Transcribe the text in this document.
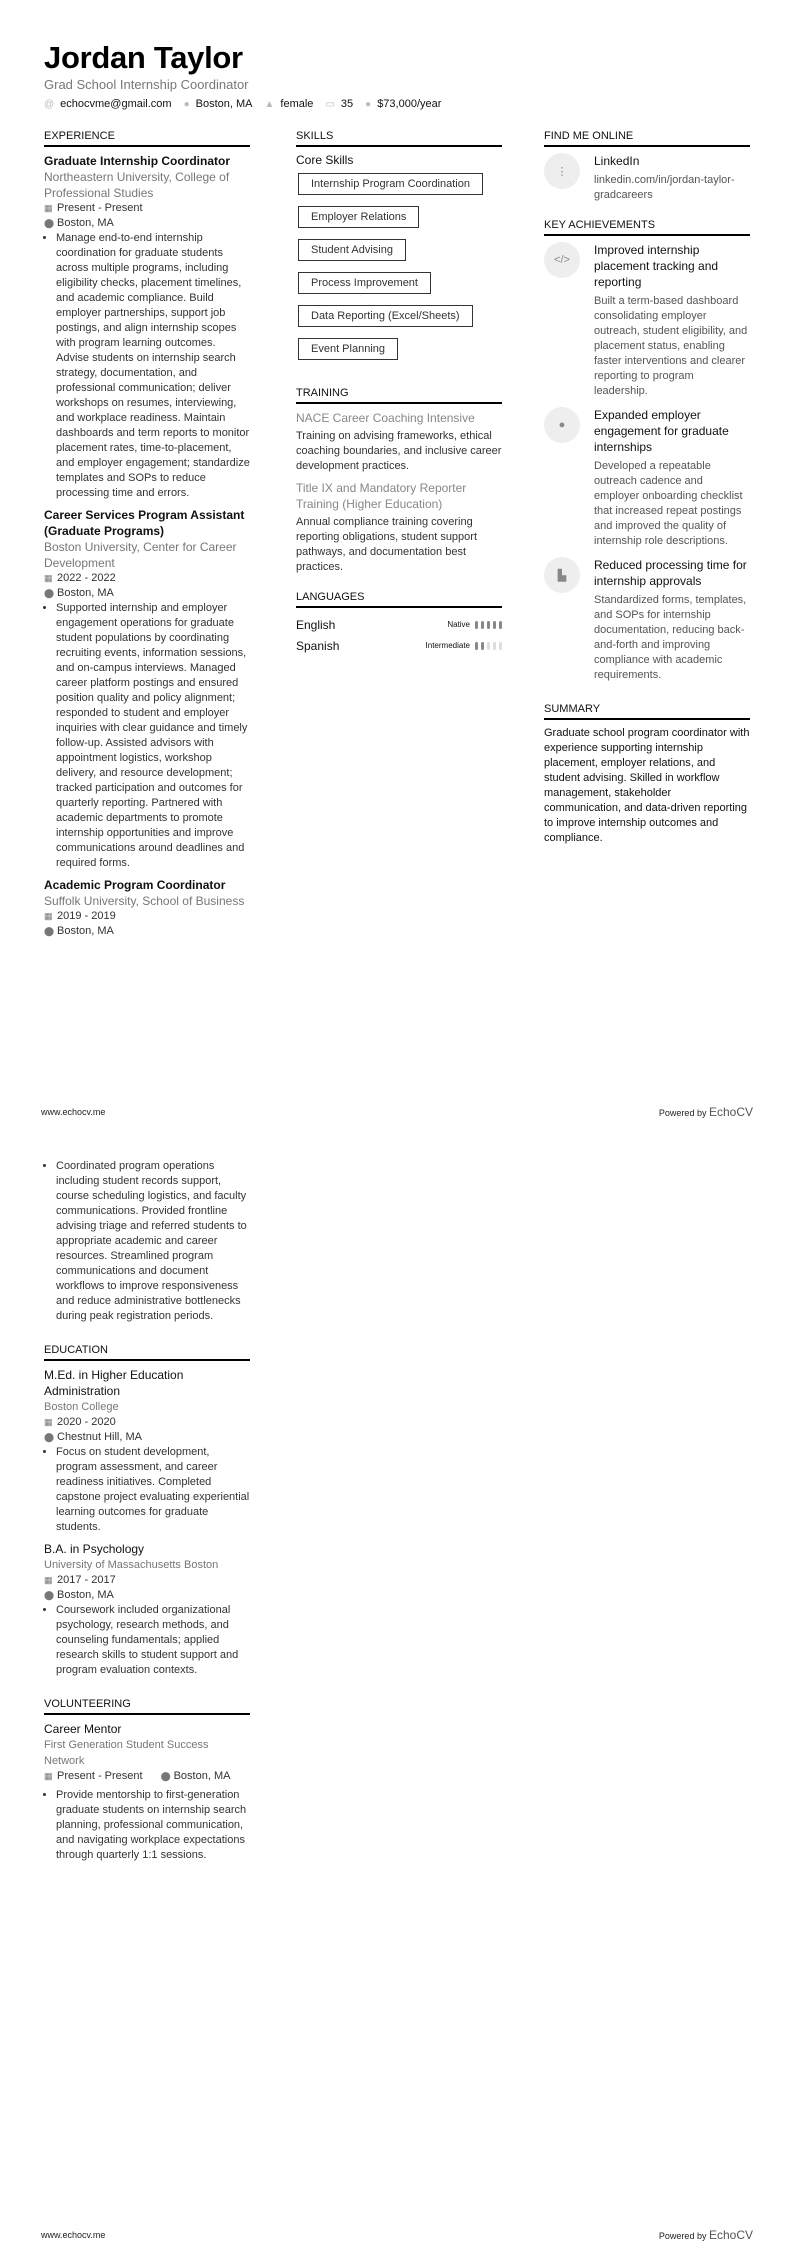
Jordan Taylor
Grad School Internship Coordinator
@ echocvme@gmail.com ● Boston, MA ▲ female ▭ 35 ● $73,000/year
EXPERIENCE
Graduate Internship Coordinator
Northeastern University, College of Professional Studies
▦ Present - Present
⬤ Boston, MA
• Manage end-to-end internship coordination for graduate students across multiple programs, including eligibility checks, placement timelines, and academic compliance. Build employer partnerships, support job postings, and align internship scopes with program learning outcomes. Advise students on internship search strategy, documentation, and professional communication; deliver workshops on resumes, interviewing, and workplace readiness. Maintain dashboards and term reports to monitor placement rates, time-to-placement, and employer engagement; standardize templates and SOPs to reduce processing time and errors.
Career Services Program Assistant (Graduate Programs)
Boston University, Center for Career Development
▦ 2022 - 2022
⬤ Boston, MA
• Supported internship and employer engagement operations for graduate student populations by coordinating recruiting events, information sessions, and on-campus interviews. Managed career platform postings and ensured position quality and policy alignment; responded to student and employer inquiries with clear guidance and timely follow-up. Assisted advisors with appointment logistics, workshop delivery, and resource development; tracked participation and outcomes for quarterly reporting. Partnered with academic departments to promote internship opportunities and improve communications around deadlines and required forms.
Academic Program Coordinator
Suffolk University, School of Business
▦ 2019 - 2019
⬤ Boston, MA
SKILLS
Core Skills
Internship Program Coordination
Employer Relations
Student Advising
Process Improvement
Data Reporting (Excel/Sheets)
Event Planning
TRAINING
NACE Career Coaching Intensive
Training on advising frameworks, ethical coaching boundaries, and inclusive career development practices.
Title IX and Mandatory Reporter Training (Higher Education)
Annual compliance training covering reporting obligations, student support pathways, and documentation best practices.
LANGUAGES
English	Native
Spanish	Intermediate
FIND ME ONLINE
⋮
LinkedIn
linkedin.com/in/jordan-taylor-gradcareers
KEY ACHIEVEMENTS
</>
Improved internship placement tracking and reporting
Built a term-based dashboard consolidating employer outreach, student eligibility, and placement status, enabling faster interventions and clearer reporting to program leadership.
●
Expanded employer engagement for graduate internships
Developed a repeatable outreach cadence and employer onboarding checklist that increased repeat postings and improved the quality of internship role descriptions.
▙
Reduced processing time for internship approvals
Standardized forms, templates, and SOPs for internship documentation, reducing back-and-forth and improving compliance with academic requirements.
SUMMARY
Graduate school program coordinator with experience supporting internship placement, employer relations, and student advising. Skilled in workflow management, stakeholder communication, and data-driven reporting to improve internship outcomes and compliance.
www.echocv.me	Powered by EchoCV
• Coordinated program operations including student records support, course scheduling logistics, and faculty communications. Provided frontline advising triage and referred students to appropriate academic and career resources. Streamlined program communications and document workflows to improve responsiveness and reduce administrative bottlenecks during peak registration periods.
EDUCATION
M.Ed. in Higher Education Administration
Boston College
▦ 2020 - 2020
⬤ Chestnut Hill, MA
• Focus on student development, program assessment, and career readiness initiatives. Completed capstone project evaluating experiential learning outcomes for graduate students.
B.A. in Psychology
University of Massachusetts Boston
▦ 2017 - 2017
⬤ Boston, MA
• Coursework included organizational psychology, research methods, and counseling fundamentals; applied research skills to student support and program evaluation contexts.
VOLUNTEERING
Career Mentor
First Generation Student Success Network
▦ Present - Present ⬤ Boston, MA
• Provide mentorship to first-generation graduate students on internship search planning, professional communication, and navigating workplace expectations through quarterly 1:1 sessions.
www.echocv.me	Powered by EchoCV
